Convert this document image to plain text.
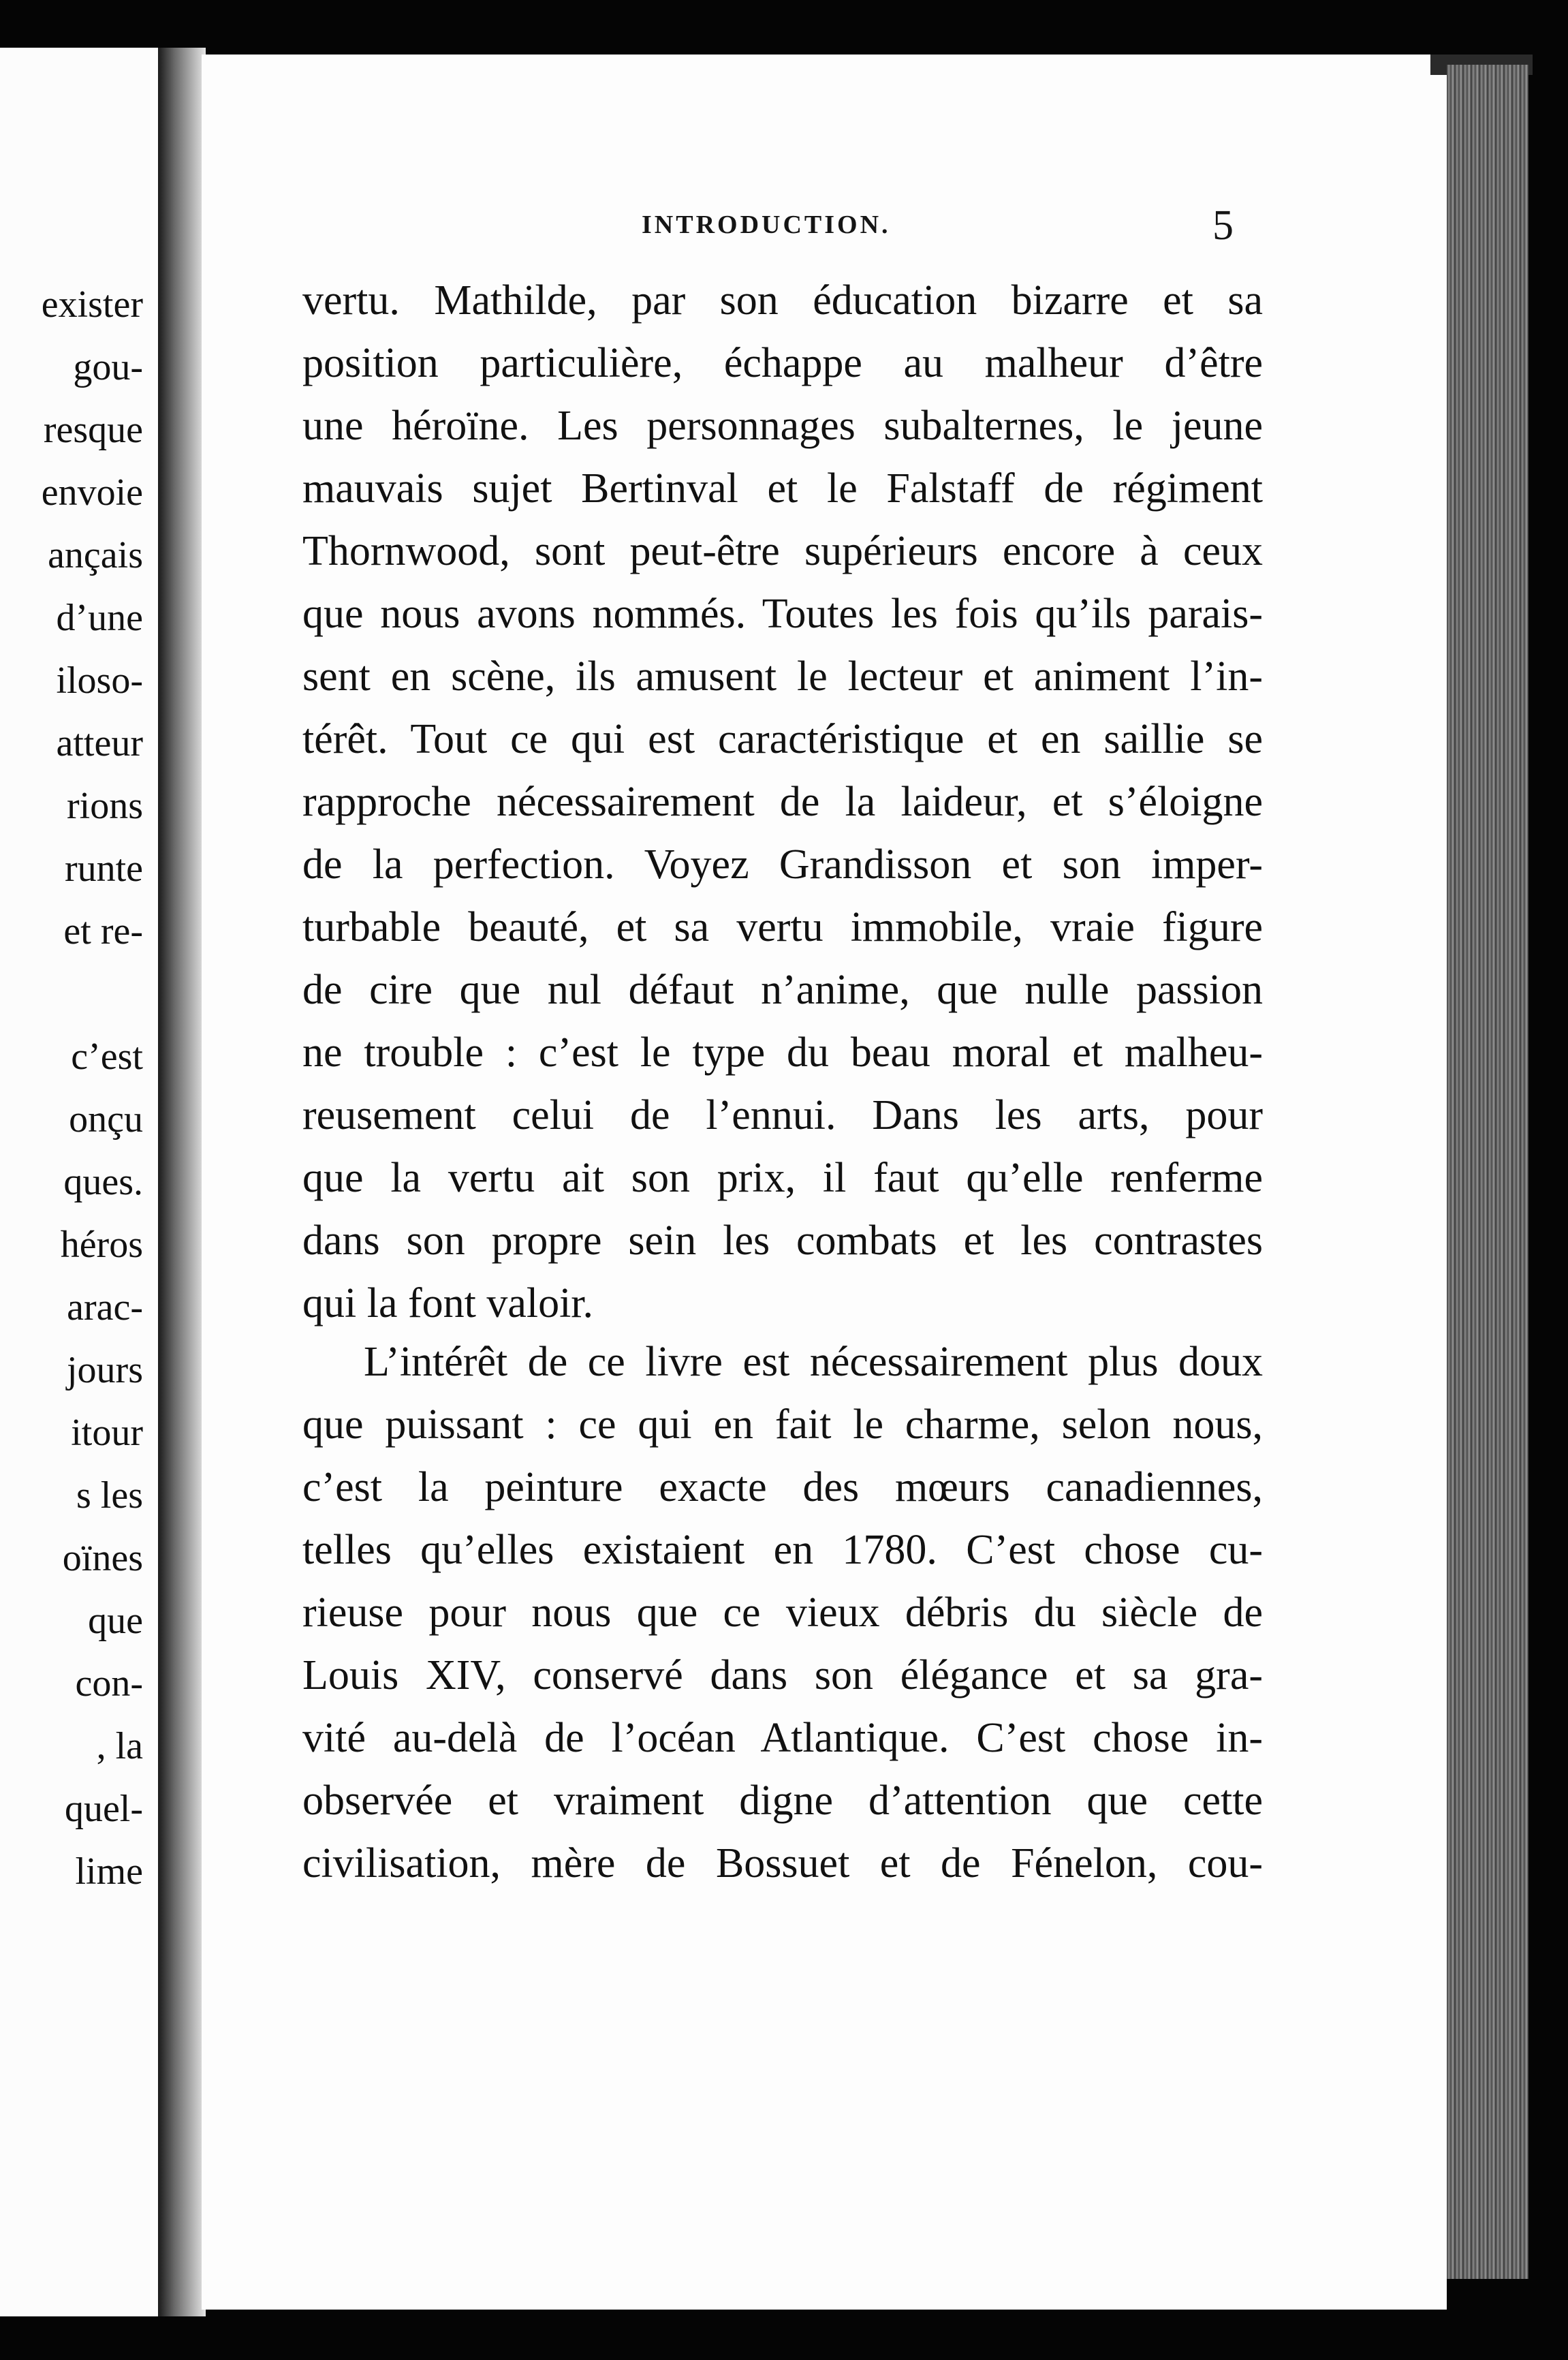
exister
gou-
resque
envoie
ançais
d’une
iloso-
atteur
rions
runte
et re-
c’est
onçu
ques.
héros
arac-
jours
itour
s les
oïnes
que
con-
, la
quel-
lime
INTRODUCTION.	5
vertu. Mathilde, par son éducation bizarre et sa
position particulière, échappe au malheur d’être
une héroïne. Les personnages subalternes, le jeune
mauvais sujet Bertinval et le Falstaff de régiment
Thornwood, sont peut-être supérieurs encore à ceux
que nous avons nommés. Toutes les fois qu’ils parais-
sent en scène, ils amusent le lecteur et animent l’in-
térêt. Tout ce qui est caractéristique et en saillie se
rapproche nécessairement de la laideur, et s’éloigne
de la perfection. Voyez Grandisson et son imper-
turbable beauté, et sa vertu immobile, vraie figure
de cire que nul défaut n’anime, que nulle passion
ne trouble : c’est le type du beau moral et malheu-
reusement celui de l’ennui. Dans les arts, pour
que la vertu ait son prix, il faut qu’elle renferme
dans son propre sein les combats et les contrastes
qui la font valoir.
L’intérêt de ce livre est nécessairement plus doux
que puissant : ce qui en fait le charme, selon nous,
c’est la peinture exacte des mœurs canadiennes,
telles qu’elles existaient en 1780. C’est chose cu-
rieuse pour nous que ce vieux débris du siècle de
Louis XIV, conservé dans son élégance et sa gra-
vité au-delà de l’océan Atlantique. C’est chose in-
observée et vraiment digne d’attention que cette
civilisation, mère de Bossuet et de Fénelon, cou-
